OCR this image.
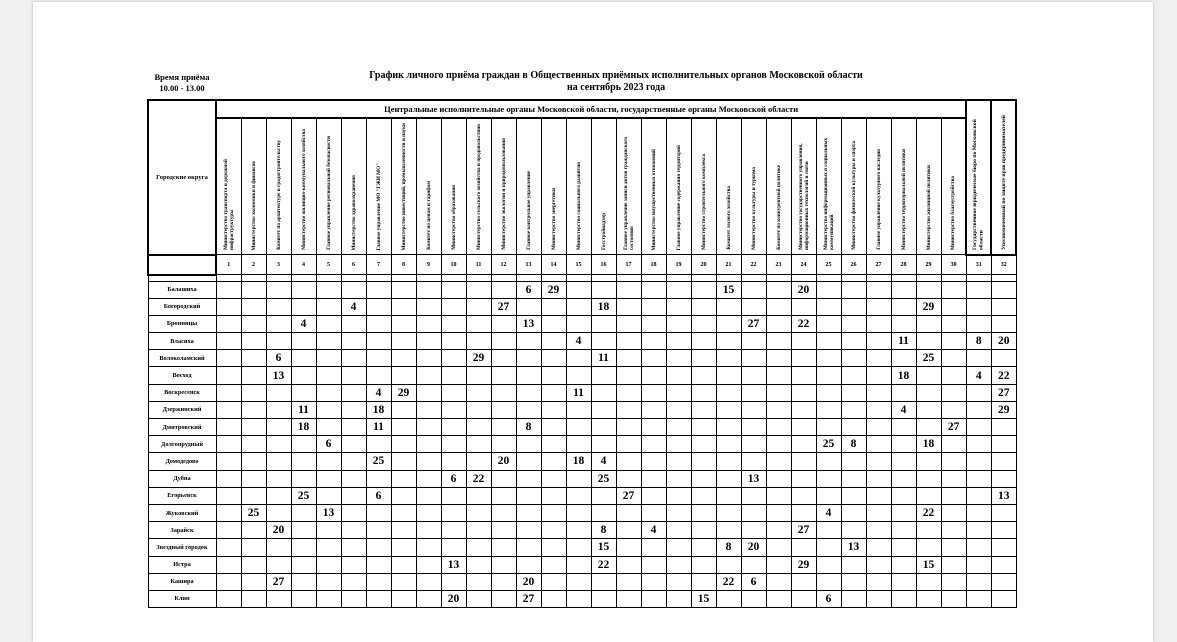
Время приёма
10.00 - 13.00
График личного приёма граждан в Общественных приёмных исполнительных органов Московской области
на сентябрь 2023 года
Городские округа	Центральные исполнительные органы Московской области, государственные органы Московской области																														Государственное юридическое бюро по Московской области	Уполномоченный по защите прав предпринимателей

	Министерство транспорта и дорожной инфраструктуры	Министерство экономики и финансов	Комитет по архитектуре и градостроительству	Министерство жилищно-коммунального хозяйства	Главное управление региональной безопасности	Министерство здравоохранения	Главное управление МО "ГЖИ МО"	Министерство инвестиций, промышленности и науки	Комитет по ценам и тарифам	Министерство образования	Министерство сельского хозяйства и продовольствия	Министерство экологии и природопользования	Главное контрольное управление	Министерство энергетики	Министерство социального развития	Госстройнадзор	Главное управление записи актов гражданского состояния	Министерство имущественных отношений	Главное управление содержания территорий	Министерство строительного комплекса	Комитет лесного хозяйства	Министерство культуры и туризма	Комитет по конкурентной политике	Министерство государственного управления, информационных технологий и связи	Министерство информационных и социальных коммуникаций	Министерство физической культуры и спорта	Главное управление культурного наследия	Министерство территориальной политики	Министерство жилищной политики	Министерство благоустройства		

	1	2	3	4	5	6	7	8	9	10	11	12	13	14	15	16	17	18	19	20	21	22	23	24	25	26	27	28	29	30	31	32

Балашиха													6	29							15			20								
Богородский						4						27				18													29			
Бронницы				4									13									27		22								
Власиха															4													11			8	20
Волоколамский			6								29					11													25			
Восход			13																									18			4	22
Воскресенск							4	29							11																	27
Дзержинский				11			18																					4				29
Дмитровский				18			11						8																	27		
Долгопрудный					6																				25	8			18			
Домодедово							25					20			18	4																
Дубна										6	22					25						13										
Егорьевск				25			6										27															13
Жуковский		25			13																				4				22			
Зарайск			20													8		4						27								
Звездный городок																15					8	20				13						
Истра										13						22								29					15			
Кашира			27										20								22	6										
Клин										20			27							15					6							
